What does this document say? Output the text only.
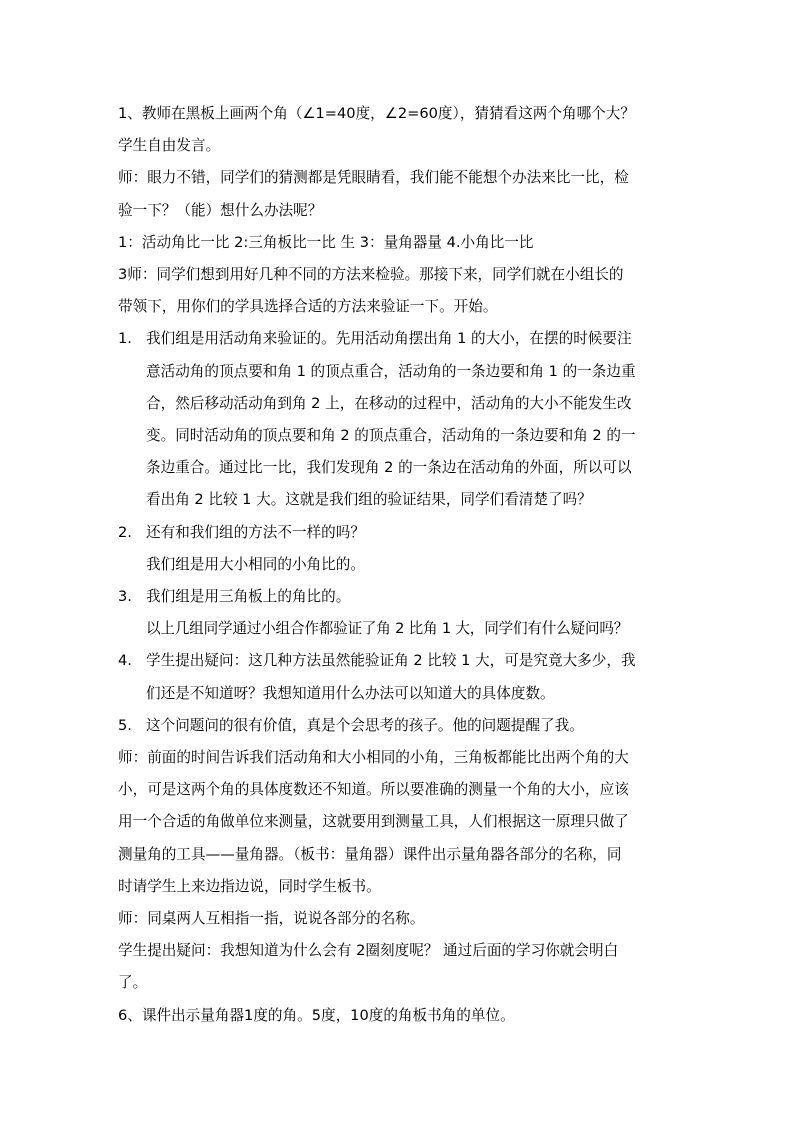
1、教师在黑板上画两个角（∠1=40度，∠2=60度），猜猜看这两个角哪个大？
学生自由发言。
师：眼力不错，同学们的猜测都是凭眼睛看，我们能不能想个办法来比一比，检
验一下？（能）想什么办法呢？
1：活动角比一比 2:三角板比一比 生 3：量角器量 4.小角比一比
3师：同学们想到用好几种不同的方法来检验。那接下来，同学们就在小组长的
带领下，用你们的学具选择合适的方法来验证一下。开始。
1. 我们组是用活动角来验证的。先用活动角摆出角 1 的大小，在摆的时候要注
意活动角的顶点要和角 1 的顶点重合，活动角的一条边要和角 1 的一条边重
合，然后移动活动角到角 2 上，在移动的过程中，活动角的大小不能发生改
变。同时活动角的顶点要和角 2 的顶点重合，活动角的一条边要和角 2 的一
条边重合。通过比一比，我们发现角 2 的一条边在活动角的外面，所以可以
看出角 2 比较 1 大。这就是我们组的验证结果，同学们看清楚了吗？
2. 还有和我们组的方法不一样的吗？
我们组是用大小相同的小角比的。
3. 我们组是用三角板上的角比的。
以上几组同学通过小组合作都验证了角 2 比角 1 大，同学们有什么疑问吗？
4. 学生提出疑问：这几种方法虽然能验证角 2 比较 1 大，可是究竟大多少，我
们还是不知道呀？我想知道用什么办法可以知道大的具体度数。
5. 这个问题问的很有价值，真是个会思考的孩子。他的问题提醒了我。
师：前面的时间告诉我们活动角和大小相同的小角，三角板都能比出两个角的大
小，可是这两个角的具体度数还不知道。所以要准确的测量一个角的大小，应该
用一个合适的角做单位来测量，这就要用到测量工具，人们根据这一原理只做了
测量角的工具——量角器。（板书：量角器）课件出示量角器各部分的名称，同
时请学生上来边指边说，同时学生板书。
师：同桌两人互相指一指，说说各部分的名称。
学生提出疑问：我想知道为什么会有 2圈刻度呢？ 通过后面的学习你就会明白
了。
6、课件出示量角器1度的角。5度，10度的角板书角的单位。
